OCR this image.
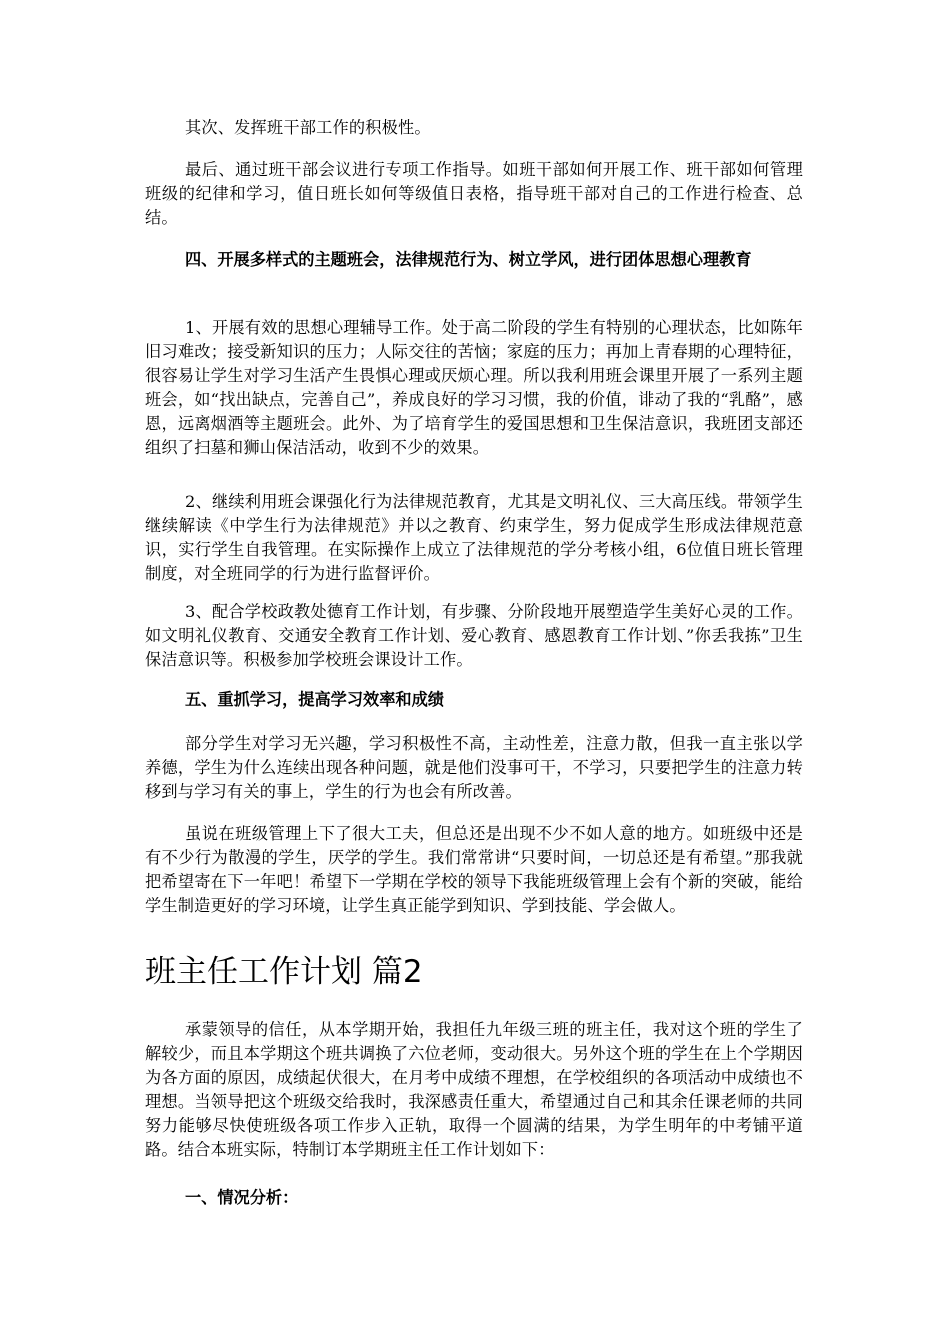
其次、发挥班干部工作的积极性。

最后、通过班干部会议进行专项工作指导。如班干部如何开展工作、班干部如何管理班级的纪律和学习，值日班长如何等级值日表格，指导班干部对自己的工作进行检查、总结。

四、开展多样式的主题班会，法律规范行为、树立学风，进行团体思想心理教育

1、开展有效的思想心理辅导工作。处于高二阶段的学生有特别的心理状态，比如陈年旧习难改；接受新知识的压力；人际交往的苦恼；家庭的压力；再加上青春期的心理特征，很容易让学生对学习生活产生畏惧心理或厌烦心理。所以我利用班会课里开展了一系列主题班会，如“找出缺点，完善自己”，养成良好的学习习惯，我的价值，诽动了我的“乳酪”，感恩，远离烟酒等主题班会。此外、为了培育学生的爱国思想和卫生保洁意识，我班团支部还组织了扫墓和狮山保洁活动，收到不少的效果。

2、继续利用班会课强化行为法律规范教育，尤其是文明礼仪、三大高压线。带领学生继续解读《中学生行为法律规范》并以之教育、约束学生，努力促成学生形成法律规范意识，实行学生自我管理。在实际操作上成立了法律规范的学分考核小组，6位值日班长管理制度，对全班同学的行为进行监督评价。

3、配合学校政教处德育工作计划，有步骤、分阶段地开展塑造学生美好心灵的工作。如文明礼仪教育、交通安全教育工作计划、爱心教育、感恩教育工作计划、”你丢我拣”卫生保洁意识等。积极参加学校班会课设计工作。

五、重抓学习，提高学习效率和成绩

部分学生对学习无兴趣，学习积极性不高，主动性差，注意力散，但我一直主张以学养德，学生为什么连续出现各种问题，就是他们没事可干，不学习，只要把学生的注意力转移到与学习有关的事上，学生的行为也会有所改善。

虽说在班级管理上下了很大工夫，但总还是出现不少不如人意的地方。如班级中还是有不少行为散漫的学生，厌学的学生。我们常常讲“只要时间，一切总还是有希望。”那我就把希望寄在下一年吧！希望下一学期在学校的领导下我能班级管理上会有个新的突破，能给学生制造更好的学习环境，让学生真正能学到知识、学到技能、学会做人。

班主任工作计划 篇2

承蒙领导的信任，从本学期开始，我担任九年级三班的班主任，我对这个班的学生了解较少，而且本学期这个班共调换了六位老师，变动很大。另外这个班的学生在上个学期因为各方面的原因，成绩起伏很大，在月考中成绩不理想，在学校组织的各项活动中成绩也不理想。当领导把这个班级交给我时，我深感责任重大，希望通过自己和其余任课老师的共同努力能够尽快使班级各项工作步入正轨，取得一个圆满的结果，为学生明年的中考铺平道路。结合本班实际，特制订本学期班主任工作计划如下：

一、情况分析：
